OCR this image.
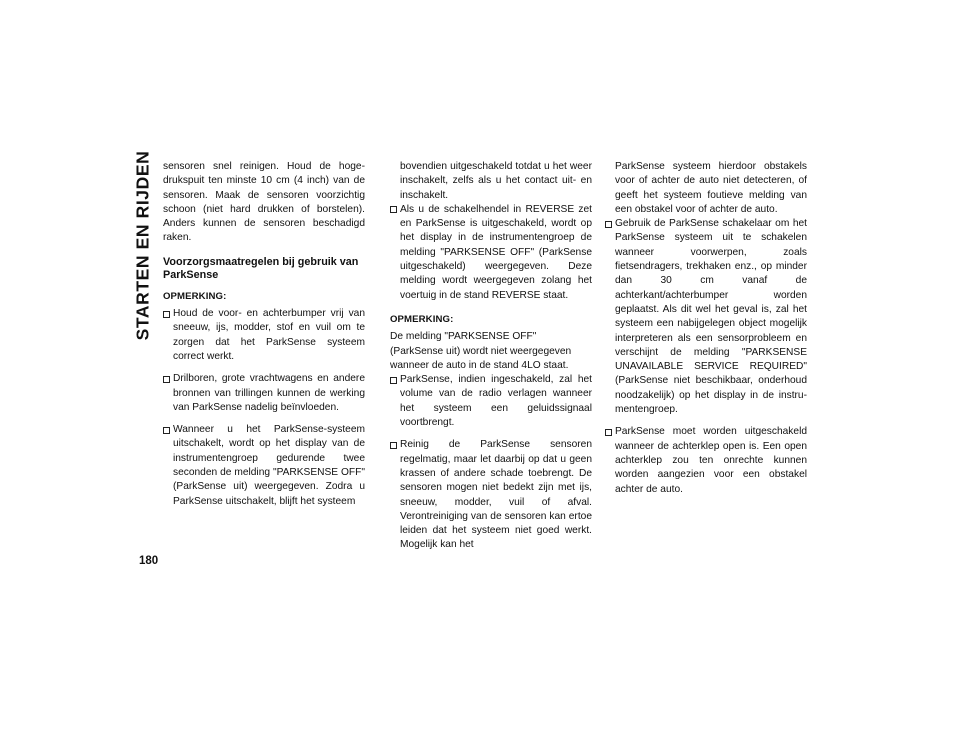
STARTEN EN RIJDEN
180

sensoren snel reinigen. Houd de hoge-drukspuit ten minste 10 cm (4 inch) van de sensoren. Maak de sensoren voorzichtig schoon (niet hard drukken of borstelen). Anders kunnen de sensoren beschadigd raken.

Voorzorgsmaatregelen bij gebruik van ParkSense
OPMERKING:
Houd de voor- en achterbumper vrij van sneeuw, ijs, modder, stof en vuil om te zorgen dat het ParkSense systeem correct werkt.
Drilboren, grote vrachtwagens en andere bronnen van trillingen kunnen de werking van ParkSense nadelig beïnvloeden.
Wanneer u het ParkSense-systeem uitschakelt, wordt op het display van de instrumentengroep gedurende twee seconden de melding "PARKSENSE OFF" (ParkSense uit) weergegeven. Zodra u ParkSense uitschakelt, blijft het systeem

bovendien uitgeschakeld totdat u het weer inschakelt, zelfs als u het contact uit- en inschakelt.

Als u de schakelhendel in REVERSE zet en ParkSense is uitgeschakeld, wordt op het display in de instrumentengroep de melding "PARKSENSE OFF" (ParkSense uitgeschakeld) weergegeven. Deze melding wordt weergegeven zolang het voertuig in de stand REVERSE staat.
OPMERKING:

De melding "PARKSENSE OFF" (ParkSense uit) wordt niet weergegeven wanneer de auto in de stand 4LO staat.

ParkSense, indien ingeschakeld, zal het volume van de radio verlagen wanneer het systeem een geluidssignaal voortbrengt.
Reinig de ParkSense sensoren regelmatig, maar let daarbij op dat u geen krassen of andere schade toebrengt. De sensoren mogen niet bedekt zijn met ijs, sneeuw, modder, vuil of afval. Verontreiniging van de sensoren kan ertoe leiden dat het systeem niet goed werkt. Mogelijk kan het

ParkSense systeem hierdoor obstakels voor of achter de auto niet detecteren, of geeft het systeem foutieve melding van een obstakel voor of achter de auto.

Gebruik de ParkSense schakelaar om het ParkSense systeem uit te schakelen wanneer voorwerpen, zoals fietsendragers, trekhaken enz., op minder dan 30 cm vanaf de achterkant/achterbumper worden geplaatst. Als dit wel het geval is, zal het systeem een nabijgelegen object mogelijk interpreteren als een sensorprobleem en verschijnt de melding "PARKSENSE UNAVAILABLE SERVICE REQUIRED" (ParkSense niet beschikbaar, onderhoud noodzakelijk) op het display in de instru-mentengroep.
ParkSense moet worden uitgeschakeld wanneer de achterklep open is. Een open achterklep zou ten onrechte kunnen worden aangezien voor een obstakel achter de auto.
